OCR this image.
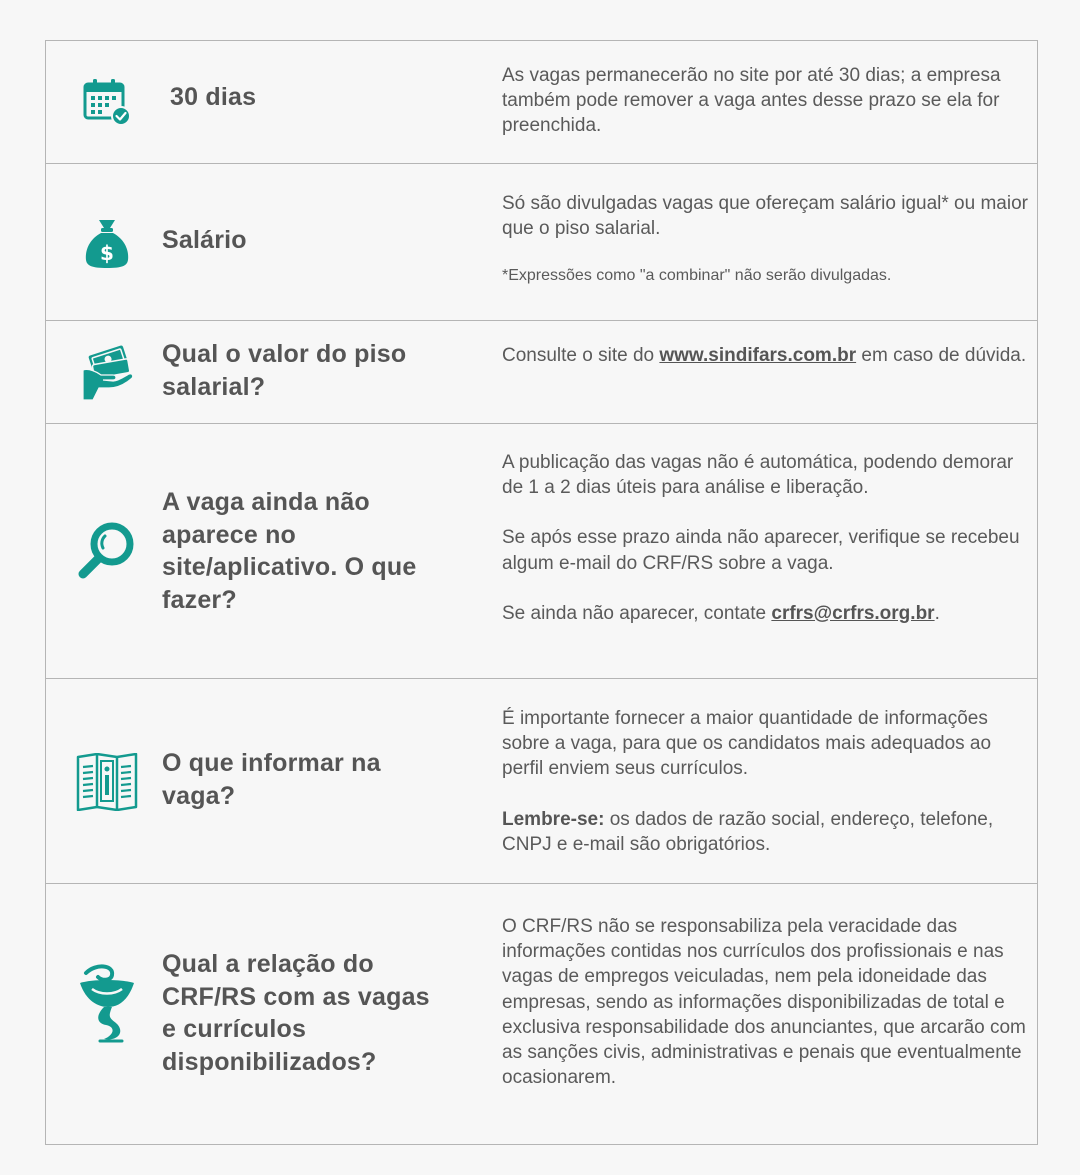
30 dias

As vagas permanecerão no site por até 30 dias; a empresa também pode remover a vaga antes desse prazo se ela for preenchida.

$ Salário

Só são divulgadas vagas que ofereçam salário igual* ou maior que o piso salarial.

*Expressões como "a combinar" não serão divulgadas.

Qual o valor do piso salarial?

Consulte o site do www.sindifars.com.br em caso de dúvida.

A vaga ainda não aparece no site/aplicativo. O que fazer?

A publicação das vagas não é automática, podendo demorar de 1 a 2 dias úteis para análise e liberação.

Se após esse prazo ainda não aparecer, verifique se recebeu algum e-mail do CRF/RS sobre a vaga.

Se ainda não aparecer, contate crfrs@crfrs.org.br.

O que informar na vaga?

É importante fornecer a maior quantidade de informações sobre a vaga, para que os candidatos mais adequados ao perfil enviem seus currículos.

Lembre-se: os dados de razão social, endereço, telefone, CNPJ e e-mail são obrigatórios.

Qual a relação do CRF/RS com as vagas e currículos disponibilizados?

O CRF/RS não se responsabiliza pela veracidade das informações contidas nos currículos dos profissionais e nas vagas de empregos veiculadas, nem pela idoneidade das empresas, sendo as informações disponibilizadas de total e exclusiva responsabilidade dos anunciantes, que arcarão com as sanções civis, administrativas e penais que eventualmente ocasionarem.
